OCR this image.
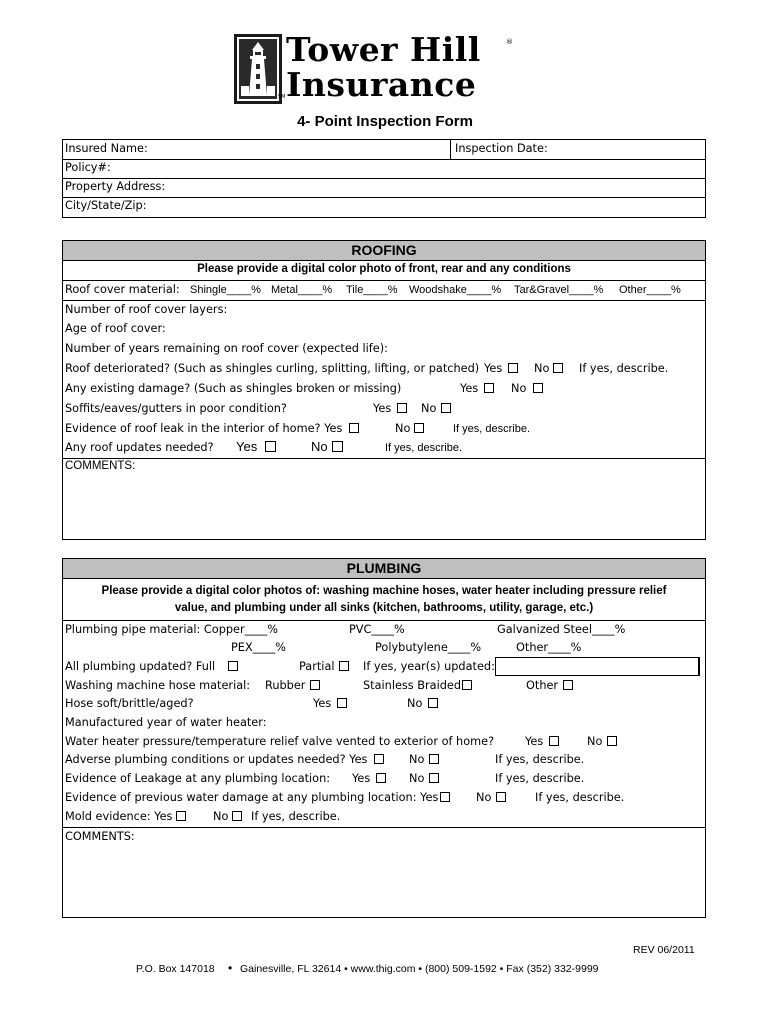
Tower Hill
Insurance
®
SM
4- Point Inspection Form
Insured Name:	Inspection Date:
Policy#:
Property Address:
City/State/Zip:
ROOFING
Please provide a digital color photo of front, rear and any conditions
Roof cover material: Shingle____% Metal____% Tile____% Woodshake____% Tar&Gravel____% Other____%
Number of roof cover layers:
Age of roof cover:
Number of years remaining on roof cover (expected life):
Roof deteriorated? (Such as shingles curling, splitting, lifting, or patched) Yes	No	If yes, describe.
Any existing damage? (Such as shingles broken or missing)	Yes	No
Soffits/eaves/gutters in poor condition?	Yes	No
Evidence of roof leak in the interior of home? Yes	No	If yes, describe.
Any roof updates needed? Yes	No	If yes, describe.
COMMENTS:
PLUMBING
Please provide a digital color photos of: washing machine hoses, water heater including pressure relief
value, and plumbing under all sinks (kitchen, bathrooms, utility, garage, etc.)
Plumbing pipe material: Copper____%	PVC____%	Galvanized Steel____%
PEX____%	Polybutylene____%	Other____%
All plumbing updated? Full	Partial	If yes, year(s) updated:
Washing machine hose material: Rubber	Stainless Braided	Other
Hose soft/brittle/aged?	Yes	No
Manufactured year of water heater:
Water heater pressure/temperature relief valve vented to exterior of home?	Yes	No
Adverse plumbing conditions or updates needed? Yes	No	If yes, describe.
Evidence of Leakage at any plumbing location: Yes	No	If yes, describe.
Evidence of previous water damage at any plumbing location: Yes	No	If yes, describe.
Mold evidence: Yes	No If yes, describe.
COMMENTS:
REV 06/2011
P.O. Box 147018 • Gainesville, FL 32614 • www.thig.com • (800) 509-1592 • Fax (352) 332-9999
